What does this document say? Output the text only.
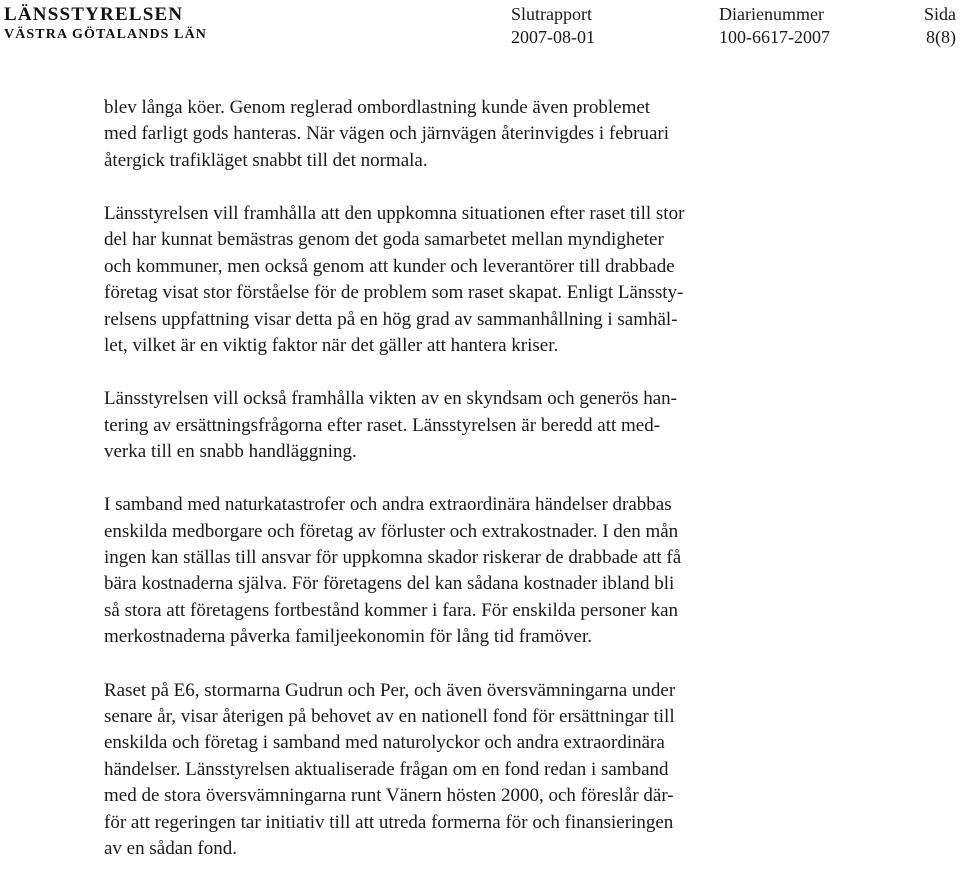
LÄNSSTYRELSEN
VÄSTRA GÖTALANDS LÄN
Slutrapport
2007-08-01
Diarienummer
100-6617-2007
Sida
8(8)

blev långa köer. Genom reglerad ombordlastning kunde även problemet
med farligt gods hanteras. När vägen och järnvägen återinvigdes i februari
återgick trafikläget snabbt till det normala.

Länsstyrelsen vill framhålla att den uppkomna situationen efter raset till stor
del har kunnat bemästras genom det goda samarbetet mellan myndigheter
och kommuner, men också genom att kunder och leverantörer till drabbade
företag visat stor förståelse för de problem som raset skapat. Enligt Länssty-
relsens uppfattning visar detta på en hög grad av sammanhållning i samhäl-
let, vilket är en viktig faktor när det gäller att hantera kriser.

Länsstyrelsen vill också framhålla vikten av en skyndsam och generös han-
tering av ersättningsfrågorna efter raset. Länsstyrelsen är beredd att med-
verka till en snabb handläggning.

I samband med naturkatastrofer och andra extraordinära händelser drabbas
enskilda medborgare och företag av förluster och extrakostnader. I den mån
ingen kan ställas till ansvar för uppkomna skador riskerar de drabbade att få
bära kostnaderna själva. För företagens del kan sådana kostnader ibland bli
så stora att företagens fortbestånd kommer i fara. För enskilda personer kan
merkostnaderna påverka familjeekonomin för lång tid framöver.

Raset på E6, stormarna Gudrun och Per, och även översvämningarna under
senare år, visar återigen på behovet av en nationell fond för ersättningar till
enskilda och företag i samband med naturolyckor och andra extraordinära
händelser. Länsstyrelsen aktualiserade frågan om en fond redan i samband
med de stora översvämningarna runt Vänern hösten 2000, och föreslår där-
för att regeringen tar initiativ till att utreda formerna för och finansieringen
av en sådan fond.
